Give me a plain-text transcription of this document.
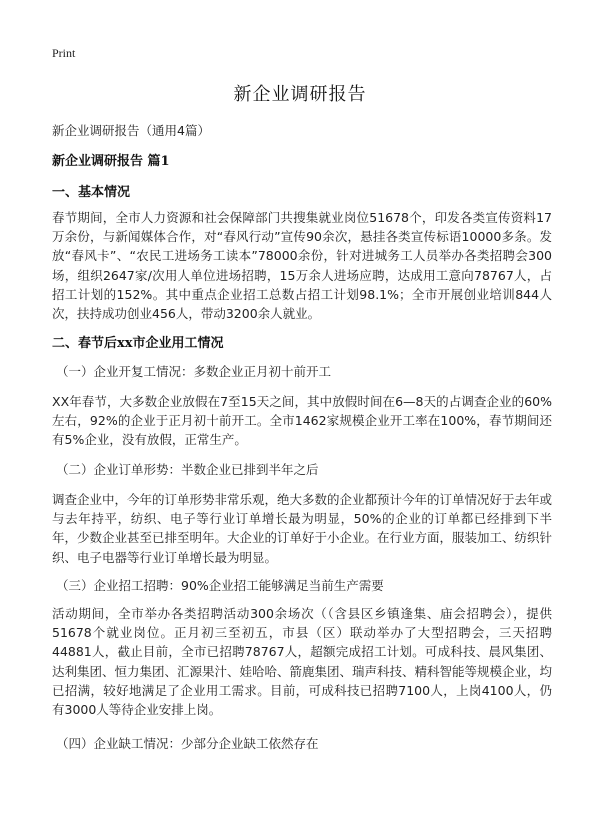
Print
新企业调研报告
新企业调研报告（通用4篇）
新企业调研报告 篇1
一、基本情况

春节期间，全市人力资源和社会保障部门共搜集就业岗位51678个，印发各类宣传资料17万余份，与新闻媒体合作，对“春风行动”宣传90余次，悬挂各类宣传标语10000多条。发放“春风卡”、“农民工进场务工读本”78000余份，针对进城务工人员举办各类招聘会300场，组织2647家/次用人单位进场招聘，15万余人进场应聘，达成用工意向78767人，占招工计划的152%。其中重点企业招工总数占招工计划98.1%；全市开展创业培训844人次，扶持成功创业456人，带动3200余人就业。

二、春节后xx市企业用工情况
（一）企业开复工情况：多数企业正月初十前开工

XX年春节，大多数企业放假在7至15天之间，其中放假时间在6—8天的占调查企业的60%左右，92%的企业于正月初十前开工。全市1462家规模企业开工率在100%，春节期间还有5%企业，没有放假，正常生产。

（二）企业订单形势：半数企业已排到半年之后

调查企业中，今年的订单形势非常乐观，绝大多数的企业都预计今年的订单情况好于去年或与去年持平，纺织、电子等行业订单增长最为明显，50%的企业的订单都已经排到下半年，少数企业甚至已排至明年。大企业的订单好于小企业。在行业方面，服装加工、纺织针织、电子电器等行业订单增长最为明显。

（三）企业招工招聘：90%企业招工能够满足当前生产需要

活动期间，全市举办各类招聘活动300余场次（（含县区乡镇逢集、庙会招聘会），提供51678个就业岗位。正月初三至初五，市县（区）联动举办了大型招聘会，三天招聘44881人，截止目前，全市已招聘78767人，超额完成招工计划。可成科技、晨风集团、达利集团、恒力集团、汇源果汁、娃哈哈、箭鹿集团、瑞声科技、精科智能等规模企业，均已招满，较好地满足了企业用工需求。目前，可成科技已招聘7100人，上岗4100人，仍有3000人等待企业安排上岗。

（四）企业缺工情况：少部分企业缺工依然存在
